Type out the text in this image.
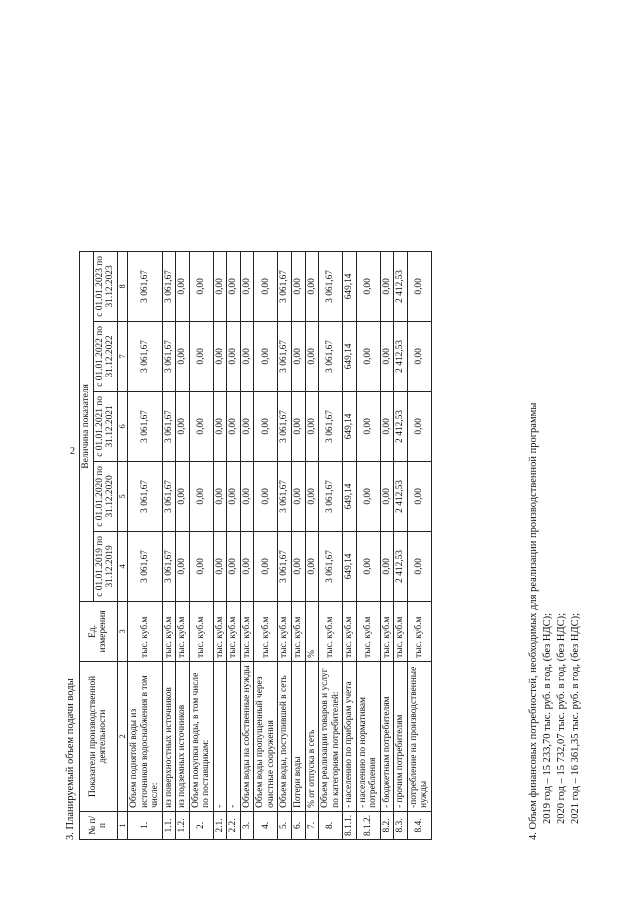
2
3. Планируемый объем подачи воды № п/п	Показатели производственной деятельности	Ед. измерения	Величина показателя				
			с 01.01.2019 по 31.12.2019	с 01.01.2020 по 31.12.2020	с 01.01.2021 по 31.12.2021	с 01.01.2022 по 31.12.2022	с 01.01.2023 по 31.12.2023
1	2	3	4	5	6	7	8
1.	Объем поднятой воды из источников водоснабжения в том числе:	тыс. куб.м	3 061,67	3 061,67	3 061,67	3 061,67	3 061,67
1.1.	из поверхностных источников	тыс. куб.м	3 061,67	3 061,67	3 061,67	3 061,67	3 061,67
1.2.	из подземных источников	тыс. куб.м	0,00	0,00	0,00	0,00	0,00
2.	Объем покупки воды, в том числе по поставщикам:	тыс. куб.м	0,00	0,00	0,00	0,00	0,00
2.1.	-	тыс. куб.м	0,00	0,00	0,00	0,00	0,00
2.2.	-	тыс. куб.м	0,00	0,00	0,00	0,00	0,00
3.	Объем воды на собственные нужды	тыс. куб.м	0,00	0,00	0,00	0,00	0,00
4.	Объем воды пропущенный через очистные сооружения	тыс. куб.м	0,00	0,00	0,00	0,00	0,00
5.	Объем воды, поступившей в сеть	тыс. куб.м	3 061,67	3 061,67	3 061,67	3 061,67	3 061,67
6.	Потери воды	тыс. куб.м	0,00	0,00	0,00	0,00	0,00
7.	% от отпуска в сеть	%	0,00	0,00	0,00	0,00	0,00
8.	Объем реализации товаров и услуг по категориям потребителей:	тыс. куб.м	3 061,67	3 061,67	3 061,67	3 061,67	3 061,67
8.1.1.	- населению по приборам учета	тыс. куб.м	649,14	649,14	649,14	649,14	649,14
8.1.2.	- населению по нормативам потребления	тыс. куб.м	0,00	0,00	0,00	0,00	0,00
8.2.	- бюджетным потребителям	тыс. куб.м	0,00	0,00	0,00	0,00	0,00
8.3.	- прочим потребителям	тыс. куб.м	2 412,53	2 412,53	2 412,53	2 412,53	2 412,53
8.4.	-потребление на производственные нужды	тыс. куб.м	0,00	0,00	0,00	0,00	0,00
4. Объем финансовых потребностей, необходимых для реализации производственной программы 2019 год – 15 233,70 тыс. руб. в год, (без НДС); 2020 год – 15 732,07 тыс. руб. в год, (без НДС); 2021 год – 16 361,35 тыс. руб. в год, (без НДС);
